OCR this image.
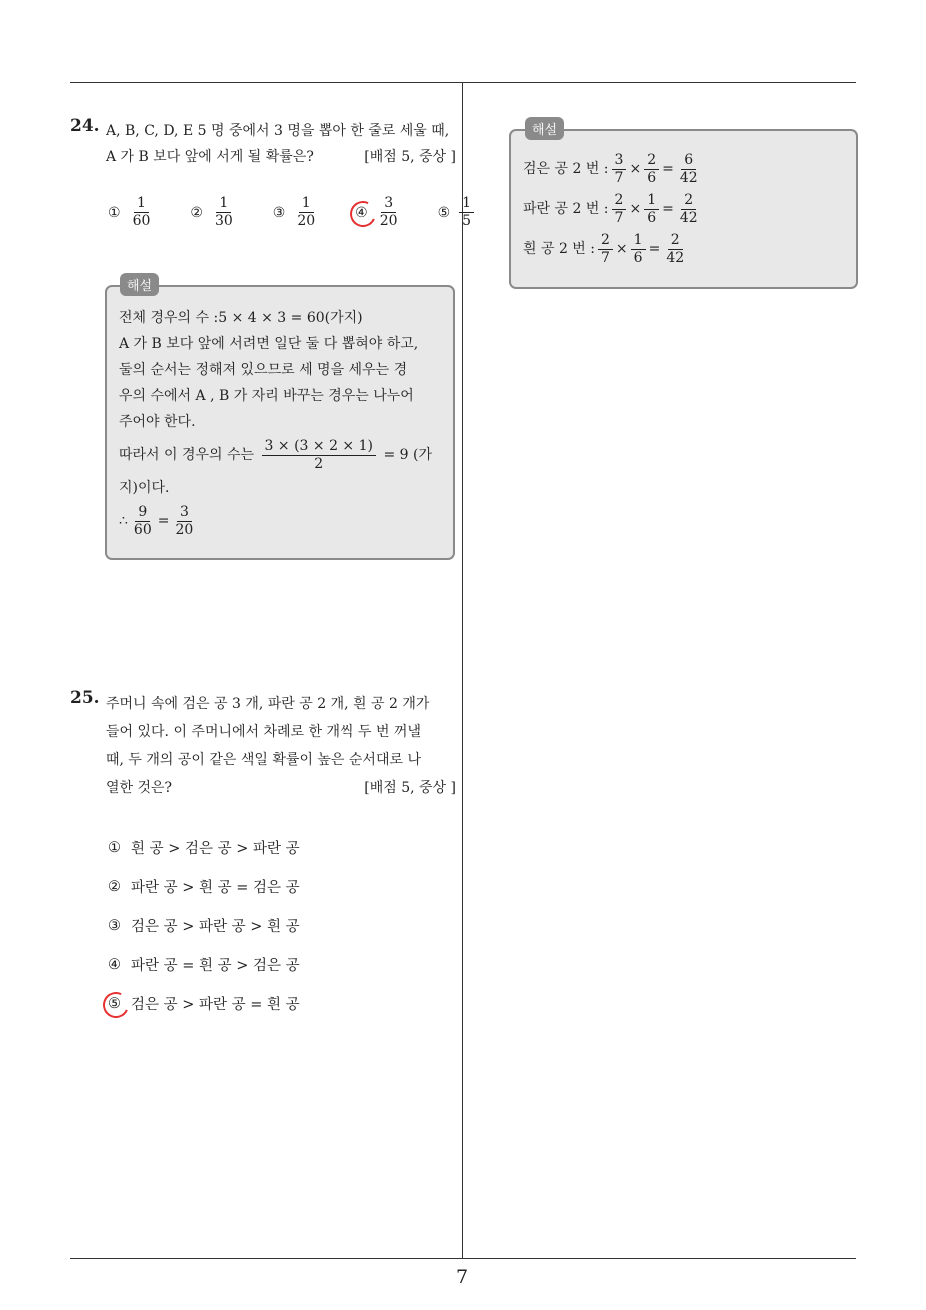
24. A, B, C, D, E 5 명 중에서 3 명을 뽑아 한 줄로 세울 때,
A 가 B 보다 앞에 서게 될 확률은?	[배점 5, 중상 ]
① $\frac{1}{60}$	② $\frac{1}{30}$	③ $\frac{1}{20}$	④ $\frac{3}{20}$	⑤ $\frac{1}{5}$
해설
전체 경우의 수 :5 × 4 × 3 = 60(가지)
A 가 B 보다 앞에 서려면 일단 둘 다 뽑혀야 하고,
둘의 순서는 정해져 있으므로 세 명을 세우는 경
우의 수에서 A , B 가 자리 바꾸는 경우는 나누어
주어야 한다.
따라서 이 경우의 수는 $\frac{3 \times (3 \times 2 \times 1)}{2} = 9$ (가
지)이다.
∴ $\frac{9}{60} = \frac{3}{20}$
25. 주머니 속에 검은 공 3 개, 파란 공 2 개, 흰 공 2 개가
들어 있다. 이 주머니에서 차례로 한 개씩 두 번 꺼낼
때, 두 개의 공이 같은 색일 확률이 높은 순서대로 나
열한 것은?	[배점 5, 중상 ]
① 흰 공 > 검은 공 > 파란 공
② 파란 공 > 흰 공 = 검은 공
③ 검은 공 > 파란 공 > 흰 공
④ 파란 공 = 흰 공 > 검은 공
⑤ 검은 공 > 파란 공 = 흰 공
해설
검은 공 2 번 : $\frac{3}{7} \times \frac{2}{6} = \frac{6}{42}$
파란 공 2 번 : $\frac{2}{7} \times \frac{1}{6} = \frac{2}{42}$
흰 공 2 번 : $\frac{2}{7} \times \frac{1}{6} = \frac{2}{42}$
7
